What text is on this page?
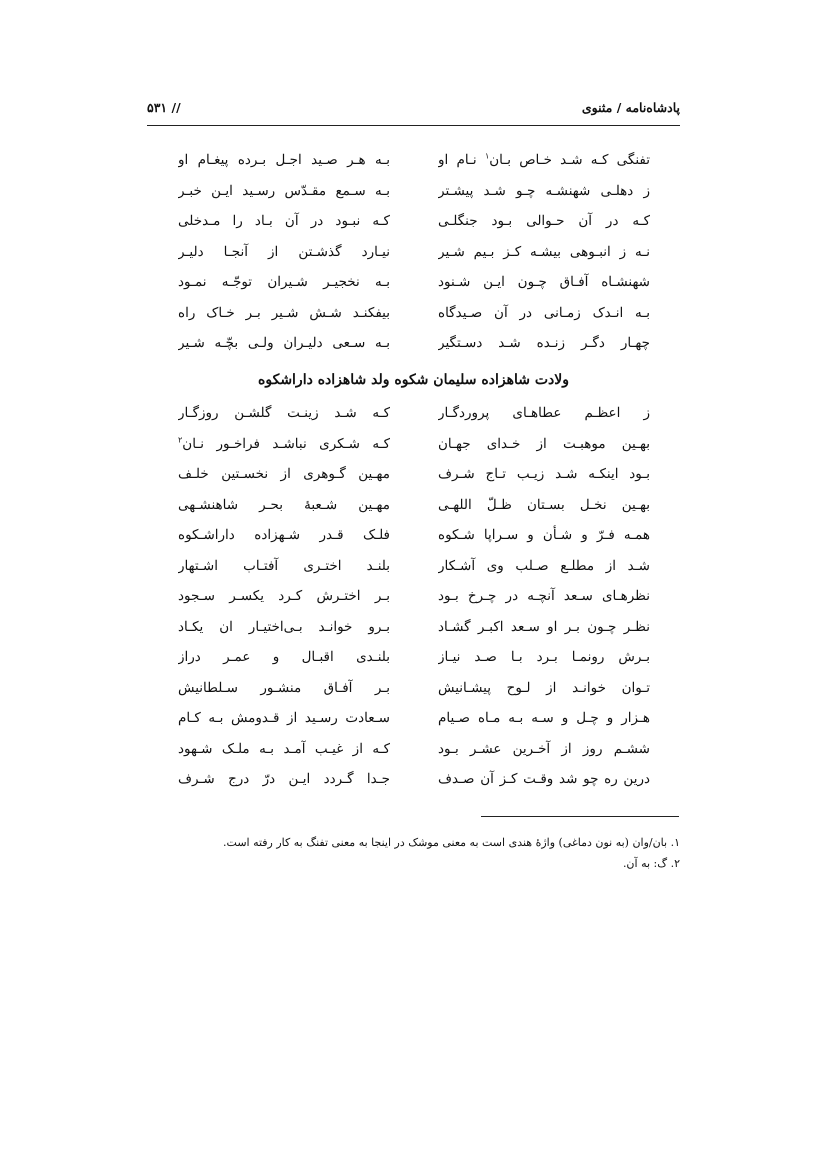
پادشاه‌نامه / مثنوی
// ۵۳۱
تفنگی کـه شـد خـاص بـان$^۱$ نـام او
بـه هـر صـید اجـل بـرده پیغـام او
ز دهلـی شهنشـه چـو شـد پیشـتر
بـه سـمع مقـدّس رسـید ایـن خبـر
کـه در آن حـوالی بـود جنگلـی
کـه نبـود در آن بـاد را مـدخلی
نـه ز انبـوهی بیشـه کـز بـیم شـیر
نیـارد گذشـتن از آنجـا دلیـر
شهنشـاه آفـاق چـون ایـن شـنود
بـه نخجیـر شـیران توجّـه نمـود
بـه انـدک زمـانی در آن صـیدگاه
بیفکنـد شـش شـیر بـر خـاک راه
چهـار دگـر زنـده شـد دسـتگیر
بـه سـعی دلیـران ولـی بچّـه شـیر
ولادت شاهزاده سلیمان شکوه ولد شاهزاده داراشکوه
ز اعظـم عطاهـای پروردگـار
کـه شـد زینـت گلشـن روزگـار
بهـین موهبـت از خـدای جهـان
کـه شـکری نباشـد فراخـور نـان$^۲$
بـود اینکـه شـد زیـب تـاج شـرف
مهـین گـوهری از نخسـتین خلـف
بهـین نخـل بسـتان ظـلّ اللهـی
مهـین شـعبهٔ بحـر شاهنشـهی
همـه فـرّ و شـأن و سـراپا شـکوه
فلـک قـدر شـهزاده داراشـکوه
شـد از مطلـع صـلب وی آشـکار
بلنـد اختـری آفتـاب اشـتهار
نظرهـای سـعد آنچـه در چـرخ بـود
بـر اختـرش کـرد یکسـر سـجود
نظـر چـون بـر او سـعد اکبـر گشـاد
بـرو خوانـد بـی‌اختیـار ان یکـاد
بـرش رونمـا بـرد بـا صـد نیـاز
بلنـدی اقبـال و عمـر دراز
تـوان خوانـد از لـوح پیشـانیش
بـر آفـاق منشـور سـلطانیش
هـزار و چـل و سـه بـه مـاه صـیام
سـعادت رسـید از قـدومش بـه کـام
ششـم روز از آخـرین عشـر بـود
کـه از غیـب آمـد بـه ملـک شـهود
درین ره چو شد وقـت کـز آن صـدف
جـدا گـردد ایـن درّ درج شـرف
۱. بان/وان (به نون دماغی) واژهٔ هندی است به معنی موشک در اینجا به معنی تفنگ به کار رفته است.
۲. گ: به آن.
